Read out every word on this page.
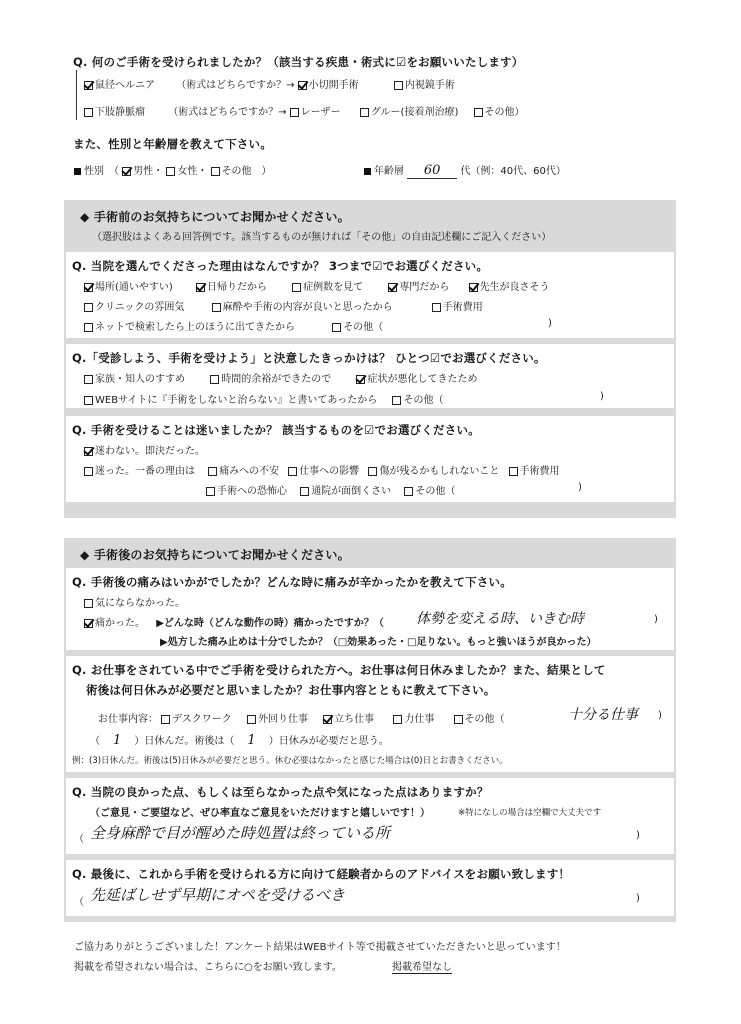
Q. 何のご手術を受けられましたか？（該当する疾患・術式に☑をお願いいたします）
鼠径ヘルニア （術式はどちらですか？→ 小切開手術	内視鏡手術
下肢静脈瘤 （術式はどちらですか？→ レーザー	グルー(接着剤治療)	その他）
また、性別と年齢層を教えて下さい。
性別　（ 男性・ 女性・ その他　）	年齢層 60 代（例：40代、60代）
◆ 手術前のお気持ちについてお聞かせください。
（選択肢はよくある回答例です。該当するものが無ければ「その他」の自由記述欄にご記入ください）
Q. 当院を選んでくださった理由はなんですか？ 3つまで☑でお選びください。
場所(通いやすい)	日帰りだから	症例数を見て	専門だから	先生が良さそう
クリニックの雰囲気	麻酔や手術の内容が良いと思ったから	手術費用
ネットで検索したら上のほうに出てきたから	その他（	)
Q.「受診しよう、手術を受けよう」と決意したきっかけは？ ひとつ☑でお選びください。
家族・知人のすすめ	時間的余裕ができたので	症状が悪化してきたため
WEBサイトに『手術をしないと治らない』と書いてあったから	その他（	)
Q. 手術を受けることは迷いましたか？ 該当するものを☑でお選びください。
迷わない。即決だった。
迷った。一番の理由は 痛みへの不安 仕事への影響 傷が残るかもしれないこと 手術費用
手術への恐怖心 通院が面倒くさい その他（	)
◆ 手術後のお気持ちについてお聞かせください。
Q. 手術後の痛みはいかがでしたか？どんな時に痛みが辛かったかを教えて下さい。
気にならなかった。
痛かった。 ▶どんな時（どんな動作の時）痛かったですか？（ 体勢を変える時、いきむ時	)
▶処方した痛み止めは十分でしたか？（□効果あった・□足りない。もっと強いほうが良かった）
Q. お仕事をされている中でご手術を受けられた方へ。お仕事は何日休みましたか？また、結果として
術後は何日休みが必要だと思いましたか？お仕事内容とともに教えて下さい。
お仕事内容： デスクワーク	外回り仕事	立ち仕事	力仕事	その他（	十分る仕事 )
（ 1 ）日休んだ。術後は（ 1 ）日休みが必要だと思う。
例：(3)日休んだ。術後は(5)日休みが必要だと思う。休む必要はなかったと感じた場合は(0)日とお書きください。
Q. 当院の良かった点、もしくは至らなかった点や気になった点はありますか？
（ご意見・ご要望など、ぜひ率直なご意見をいただけますと嬉しいです！）	※特になしの場合は空欄で大丈夫です
（ 全身麻酔で目が醒めた時処置は終っている所	)
Q. 最後に、これから手術を受けられる方に向けて経験者からのアドバイスをお願い致します！
（ 先延ばしせず早期にオペを受けるべき	)
ご協力ありがとうございました！アンケート結果はWEBサイト等で掲載させていただきたいと思っています！
掲載を希望されない場合は、こちらに○をお願い致します。	掲載希望なし
